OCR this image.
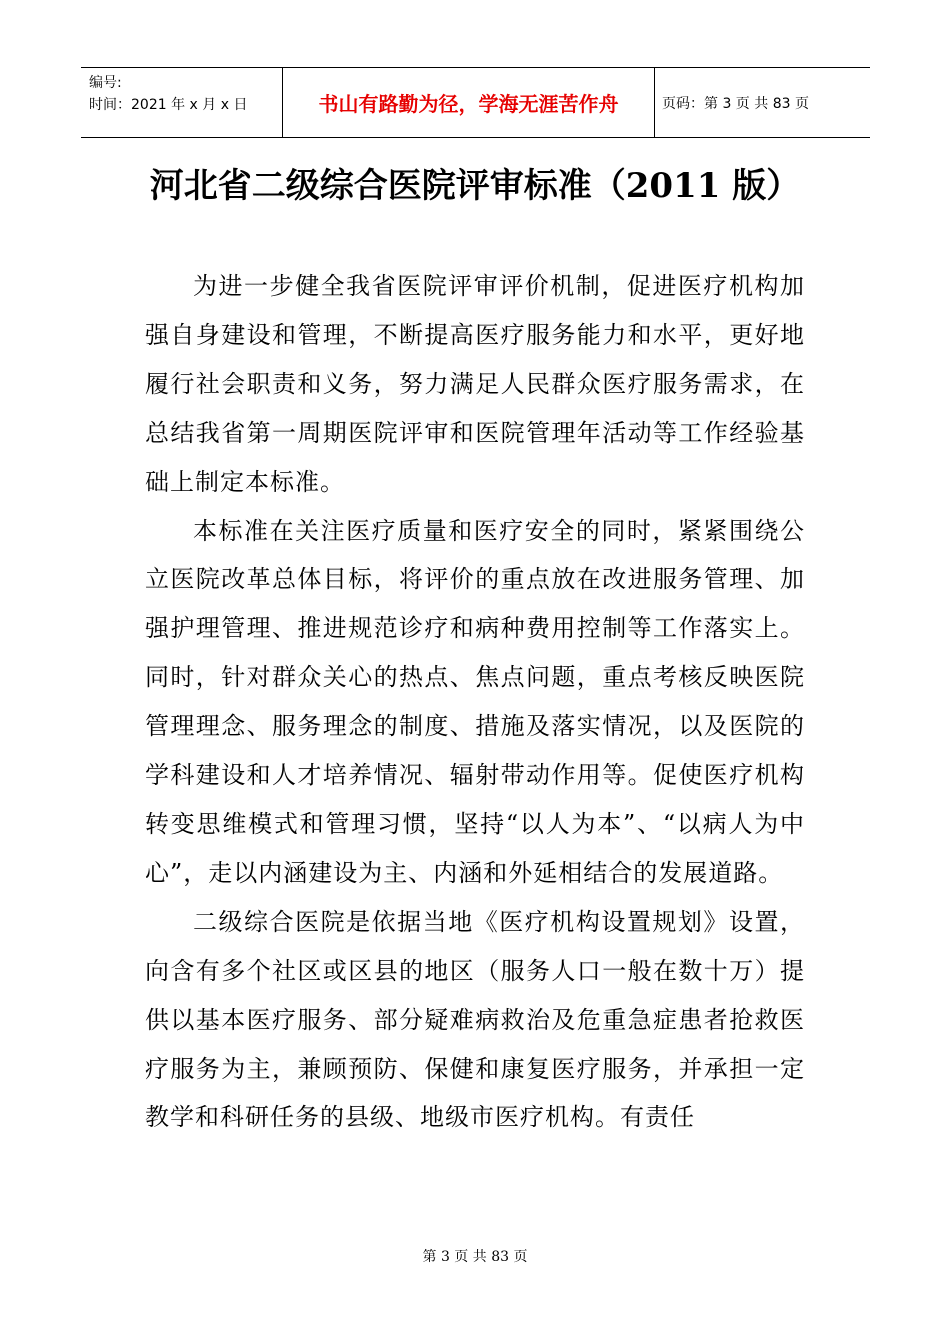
编号:
时间：2021 年 x 月 x 日	书山有路勤为径，学海无涯苦作舟	页码：第 3 页 共 83 页
河北省二级综合医院评审标准（2011 版）

为进一步健全我省医院评审评价机制，促进医疗机构加强自身建设和管理，不断提高医疗服务能力和水平，更好地履行社会职责和义务，努力满足人民群众医疗服务需求，在总结我省第一周期医院评审和医院管理年活动等工作经验基础上制定本标准。

本标准在关注医疗质量和医疗安全的同时，紧紧围绕公立医院改革总体目标，将评价的重点放在改进服务管理、加强护理管理、推进规范诊疗和病种费用控制等工作落实上。同时，针对群众关心的热点、焦点问题，重点考核反映医院管理理念、服务理念的制度、措施及落实情况，以及医院的学科建设和人才培养情况、辐射带动作用等。促使医疗机构转变思维模式和管理习惯，坚持“以人为本”、“以病人为中心”，走以内涵建设为主、内涵和外延相结合的发展道路。

二级综合医院是依据当地《医疗机构设置规划》设置，向含有多个社区或区县的地区（服务人口一般在数十万）提供以基本医疗服务、部分疑难病救治及危重急症患者抢救医疗服务为主，兼顾预防、保健和康复医疗服务，并承担一定教学和科研任务的县级、地级市医疗机构。有责任

第 3 页 共 83 页
